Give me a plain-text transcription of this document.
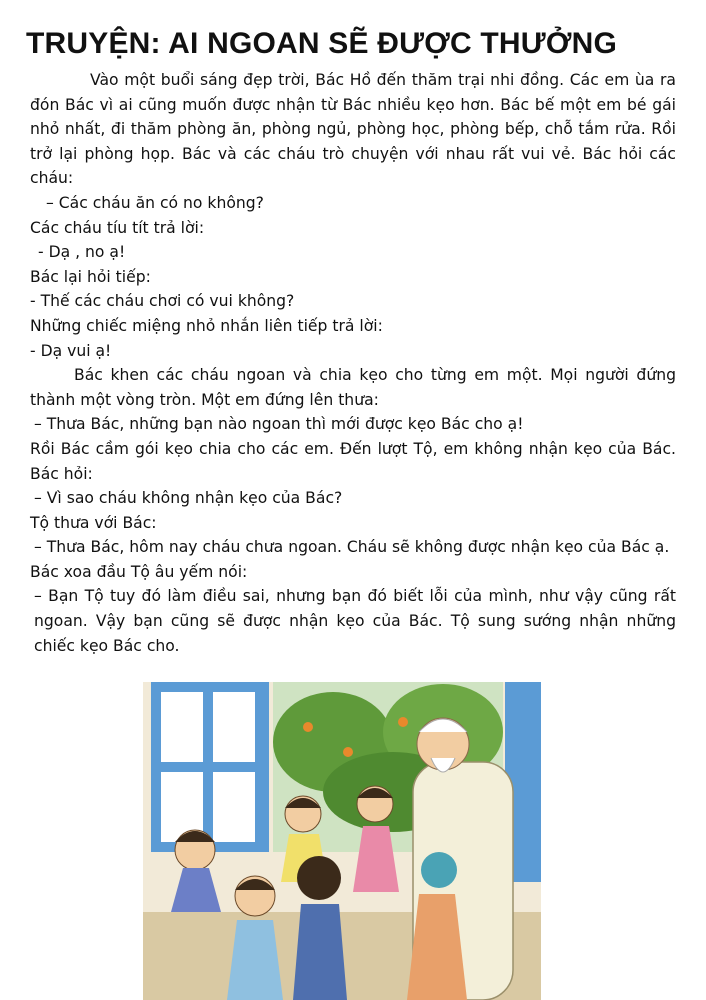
TRUYỆN: AI NGOAN SẼ ĐƯỢC THƯỞNG

Vào một buổi sáng đẹp trời, Bác Hồ đến thăm trại nhi đồng. Các em ùa ra đón Bác vì ai cũng muốn được nhận từ Bác nhiều kẹo hơn. Bác bế một em bé gái nhỏ nhất, đi thăm phòng ăn, phòng ngủ, phòng học, phòng bếp, chỗ tắm rửa. Rồi trở lại phòng họp. Bác và các cháu trò chuyện với nhau rất vui vẻ. Bác hỏi các cháu:

– Các cháu ăn có no không?

Các cháu tíu tít trả lời:

- Dạ , no ạ!

Bác lại hỏi tiếp:

- Thế các cháu chơi có vui không?

Những chiếc miệng nhỏ nhắn liên tiếp trả lời:

- Dạ vui ạ!

Bác khen các cháu ngoan và chia kẹo cho từng em một. Mọi người đứng thành một vòng tròn. Một em đứng lên thưa:

– Thưa Bác, những bạn nào ngoan thì mới được kẹo Bác cho ạ!

Rồi Bác cầm gói kẹo chia cho các em. Đến lượt Tộ, em không nhận kẹo của Bác. Bác hỏi:

– Vì sao cháu không nhận kẹo của Bác?

Tộ thưa với Bác:

– Thưa Bác, hôm nay cháu chưa ngoan. Cháu sẽ không được nhận kẹo của Bác ạ.

Bác xoa đầu Tộ âu yếm nói:

– Bạn Tộ tuy đó làm điều sai, nhưng bạn đó biết lỗi của mình, như vậy cũng rất ngoan. Vậy bạn cũng sẽ được nhận kẹo của Bác. Tộ sung sướng nhận những chiếc kẹo Bác cho.
